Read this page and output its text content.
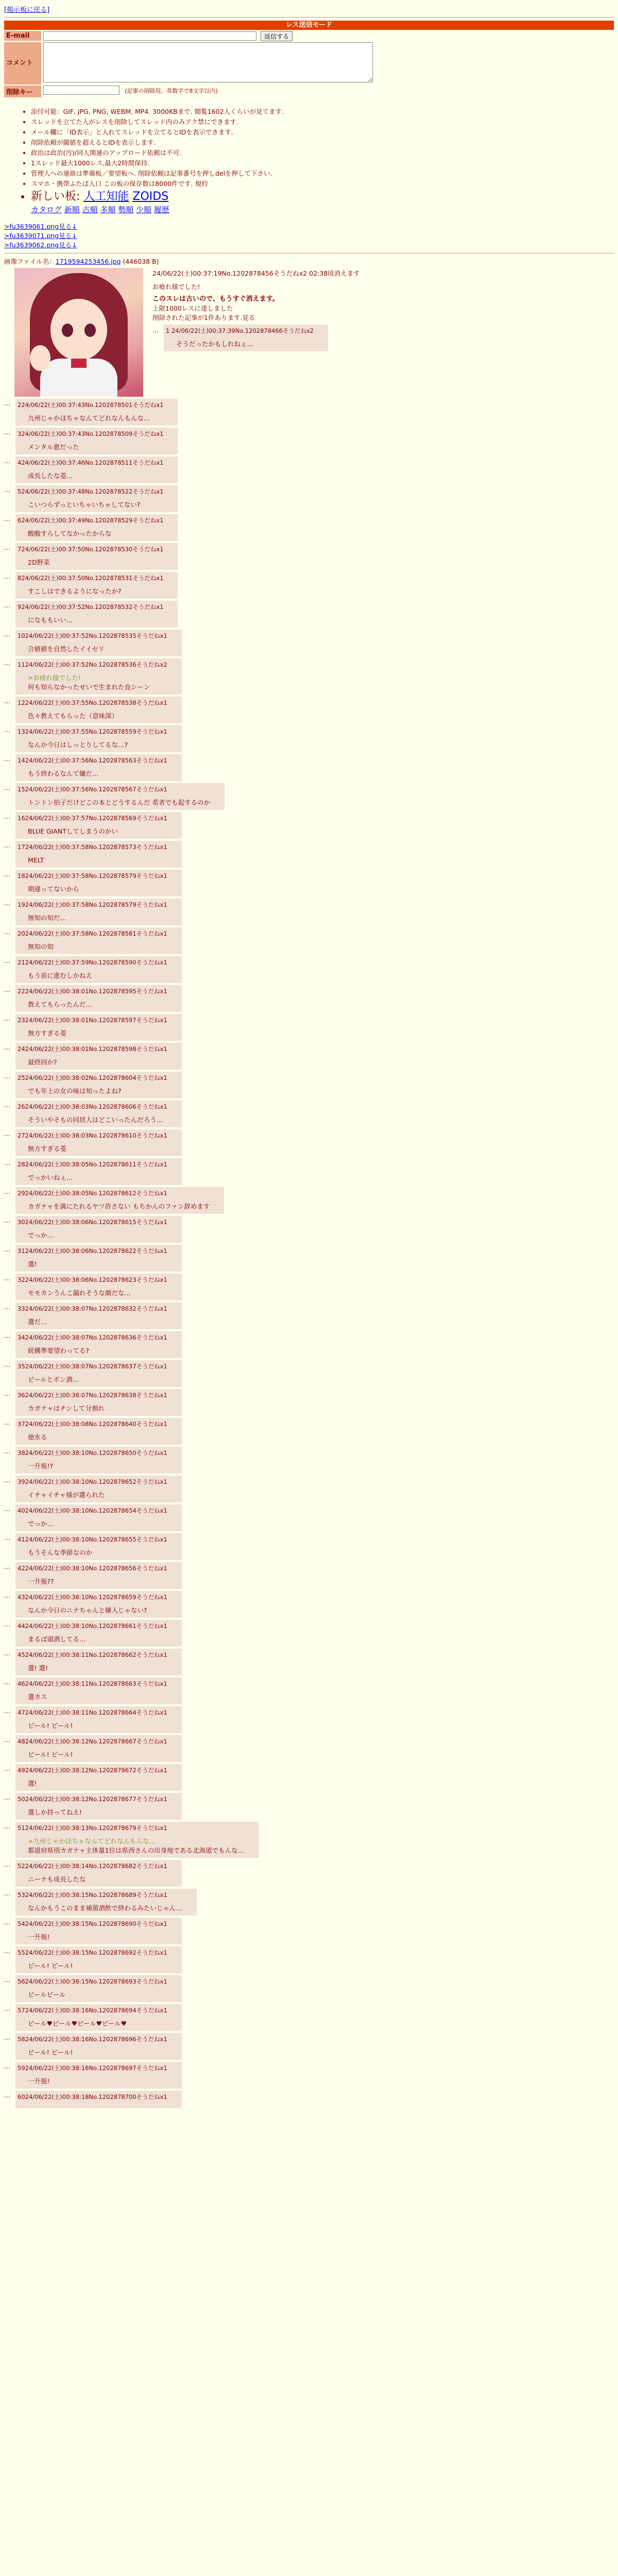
[掲示板に戻る]
レス送信モード
E-mail	返信する
コメント
削除キー	(記事の削除用。英数字で8文字以内)
• 添付可能：GIF, JPG, PNG, WEBM, MP4. 3000KBまで. 閲覧1602人くらいが見てます.
• スレッドを立てた人がレスを削除してスレッド内のみアク禁にできます.
• メール欄に「ID表示」と入れてスレッドを立てるとIDを表示できます.
• 削除依頼が閾値を超えるとIDを表示します.
• 政治は政治(汚)/同人関連のアップロード依頼は不可.
• 1スレッド最大1000レス,最大2時間保持.
• 管理人への連絡は準備板／要望板へ. 削除依頼は記事番号を押しdelを押して下さい.
• スマホ・携帯ふたば入口 この板の保存数は8000件です. 規約
• 新しい板: 人工知能 ZOIDS
カタログ 新順 古順 多順 勢順 少順 履歴
>fu3639061.png見る↓
>fu3639071.png見る↓
>fu3639062.png見る↓
画像ファイル名：1719594253456.jpg (446038 B)
24/06/22(土)00:37:19No.1202878456そうだねx2 02:38頃消えます
お疲れ様でした!
このスレは古いので、もうすぐ消えます。
上限1000レスに達しました
削除された記事が1件あります.見る
…	1 24/06/22(土)00:37:39No.1202878466そうだねx2
そうだったかもしれねぇ…
…	224/06/22(土)00:37:43No.1202878501そうだねx1
九州じゃかほちゃなんてどれなんもんな…
…	324/06/22(土)00:37:43No.1202878509そうだねx1
メンタル悪だった
…	424/06/22(土)00:37:46No.1202878511そうだねx1
成長したな菱…
…	524/06/22(土)00:37:48No.1202878522そうだねx1
こいつらずっといちゃいちゃしてない?
…	624/06/22(土)00:37:49No.1202878529そうだねx1
酸酸すらしてなかったからな
…	724/06/22(土)00:37:50No.1202878530そうだねx1
2D野菜
…	824/06/22(土)00:37:50No.1202878531そうだねx1
すこしはできるようになったか?
…	924/06/22(土)00:37:52No.1202878532そうだねx1
になももいい…
…	1024/06/22(土)00:37:52No.1202878535そうだねx1
合値値を自然したイイセリ
…	1124/06/22(土)00:37:52No.1202878536そうだねx2
>お疲れ様でした!
何も知らなかったせいで生まれた良シーン
…	1224/06/22(土)00:37:55No.1202878538そうだねx1
色々教えてもらった（意味深）
…	1324/06/22(土)00:37:55No.1202878559そうだねx1
なんか今日はしっとりしてるな…?
…	1424/06/22(土)00:37:56No.1202878563そうだねx1
もう終わるなんて嫌だ…
…	1524/06/22(土)00:37:56No.1202878567そうだねx1
トントン拍子だけどこの本とどうするんだ 希者でも起するのか
…	1624/06/22(土)00:37:57No.1202878569そうだねx1
BLUE GIANTしてしまうのかい
…	1724/06/22(土)00:37:58No.1202878573そうだねx1
MELT
…	1824/06/22(土)00:37:58No.1202878579そうだねx1
期違ってないから
…	1924/06/22(土)00:37:58No.1202878579そうだねx1
無知の知だ…
…	2024/06/22(土)00:37:58No.1202878581そうだねx1
無知の知
…	2124/06/22(土)00:37:59No.1202878590そうだねx1
もう前に進むしかねえ
…	2224/06/22(土)00:38:01No.1202878595そうだねx1
教えてもらったんだ…
…	2324/06/22(土)00:38:01No.1202878597そうだねx1
無方すぎる菱
…	2424/06/22(土)00:38:01No.1202878598そうだねx1
最終回か?
…	2524/06/22(土)00:38:02No.1202878604そうだねx1
でも年上の女の味は知ったよね?
…	2624/06/22(土)00:38:03No.1202878606そうだねx1
そういやそもの同居人はどこいったんだろう…
…	2724/06/22(土)00:38:03No.1202878610そうだねx1
無方すぎる菱
…	2824/06/22(土)00:38:05No.1202878611そうだねx1
でっかいねぇ…
…	2924/06/22(土)00:38:05No.1202878612そうだねx1
カガナャを満にたれるヤツ許さない もちかんのファン辞めます
…	3024/06/22(土)00:38:06No.1202878615そうだねx1
でっか…
…	3124/06/22(土)00:38:06No.1202878622そうだねx1
選!
…	3224/06/22(土)00:38:06No.1202878623そうだねx1
モモカンうんこ漏れそうな顔だな…
…	3324/06/22(土)00:38:07No.1202878632そうだねx1
選だ…
…	3424/06/22(土)00:38:07No.1202878636そうだねx1
続構準要望わってる?
…	3524/06/22(土)00:38:07No.1202878637そうだねx1
ビールとポン酒…
…	3624/06/22(土)00:38:07No.1202878638そうだねx1
カガナャはチンして分割れ
…	3724/06/22(土)00:38:08No.1202878640そうだねx1
徳氷る
…	3824/06/22(土)00:38:10No.1202878650そうだねx1
一升瓶!?
…	3924/06/22(土)00:38:10No.1202878652そうだねx1
イチャイチャ様が選られた
…	4024/06/22(土)00:38:10No.1202878654そうだねx1
でっか…
…	4124/06/22(土)00:38:10No.1202878655そうだねx1
もうそんな季節なのか
…	4224/06/22(土)00:38:10No.1202878656そうだねx1
一升瓶??
…	4324/06/22(土)00:38:10No.1202878659そうだねx1
なんか今日のニナちゃんと嫌入じゃない?
…	4424/06/22(土)00:38:10No.1202878661そうだねx1
まるば頭酒してる…
…	4524/06/22(土)00:38:11No.1202878662そうだねx1
選! 選!
…	4624/06/22(土)00:38:11No.1202878663そうだねx1
選カス
…	4724/06/22(土)00:38:11No.1202878664そうだねx1
ビール! ビール!
…	4824/06/22(土)00:38:12No.1202878667そうだねx1
ビール! ビール!
…	4924/06/22(土)00:38:12No.1202878672そうだねx1
選!
…	5024/06/22(土)00:38:12No.1202878677そうだねx1
選しか持ってねえ!
…	5124/06/22(土)00:38:13No.1202878679そうだねx1
>九州じゃかほちゃなんてどれなんもんな…
都道府県別カガナャ主体量1位は県西さんの出身地である北海道でもんな…
…	5224/06/22(土)00:38:14No.1202878682そうだねx1
ニーナも成長したな
…	5324/06/22(土)00:38:15No.1202878689そうだねx1
なんかもうこのまま補菌酒飲で終わるみたいじゃん…
…	5424/06/22(土)00:38:15No.1202878690そうだねx1
一升瓶!
…	5524/06/22(土)00:38:15No.1202878692そうだねx1
ビール! ビール!
…	5624/06/22(土)00:38:15No.1202878693そうだねx1
ビールビール
…	5724/06/22(土)00:38:16No.1202878694そうだねx1
ビール♥ビール♥ビール♥ビール♥
…	5824/06/22(土)00:38:16No.1202878696そうだねx1
ビール! ビール!
…	5924/06/22(土)00:38:16No.1202878697そうだねx1
一升瓶!
…	6024/06/22(土)00:38:18No.1202878700そうだねx1
